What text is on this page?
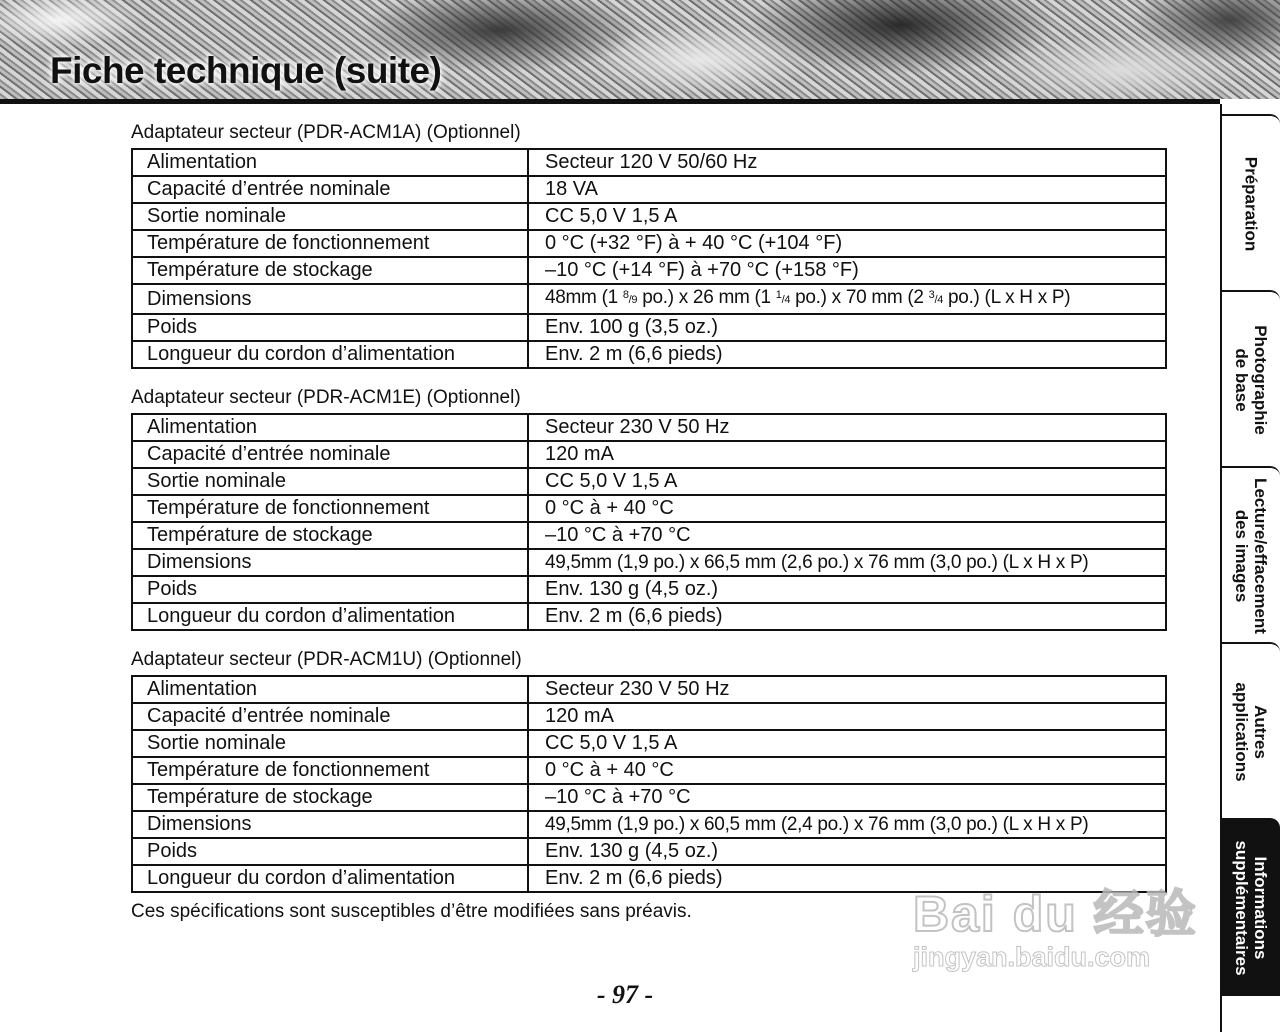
Fiche technique (suite)
Préparation
Photographie
de base
Lecture/effacement
des images
Autres
applications
Informations
supplémentaires

Adaptateur secteur (PDR-ACM1A) (Optionnel)

Alimentation	Secteur 120 V 50/60 Hz
Capacité d’entrée nominale	18 VA
Sortie nominale	CC 5,0 V 1,5 A
Température de fonctionnement	0 °C (+32 °F) à + 40 °C (+104 °F)
Température de stockage	–10 °C (+14 °F) à +70 °C (+158 °F)
Dimensions	48mm (1 $^8$/9 po.) x 26 mm (1 $^1$/4 po.) x 70 mm (2 $^3$/4 po.) (L x H x P)
Poids	Env. 100 g (3,5 oz.)
Longueur du cordon d’alimentation	Env. 2 m (6,6 pieds)

Adaptateur secteur (PDR-ACM1E) (Optionnel)

Alimentation	Secteur 230 V 50 Hz
Capacité d’entrée nominale	120 mA
Sortie nominale	CC 5,0 V 1,5 A
Température de fonctionnement	0 °C à + 40 °C
Température de stockage	–10 °C à +70 °C
Dimensions	49,5mm (1,9 po.) x 66,5 mm (2,6 po.) x 76 mm (3,0 po.) (L x H x P)
Poids	Env. 130 g (4,5 oz.)
Longueur du cordon d’alimentation	Env. 2 m (6,6 pieds)

Adaptateur secteur (PDR-ACM1U) (Optionnel)

Alimentation	Secteur 230 V 50 Hz
Capacité d’entrée nominale	120 mA
Sortie nominale	CC 5,0 V 1,5 A
Température de fonctionnement	0 °C à + 40 °C
Température de stockage	–10 °C à +70 °C
Dimensions	49,5mm (1,9 po.) x 60,5 mm (2,4 po.) x 76 mm (3,0 po.) (L x H x P)
Poids	Env. 130 g (4,5 oz.)
Longueur du cordon d’alimentation	Env. 2 m (6,6 pieds)

Ces spécifications sont susceptibles d’être modifiées sans préavis.

- 97 -
Bai du 经验
jingyan.baidu.com
